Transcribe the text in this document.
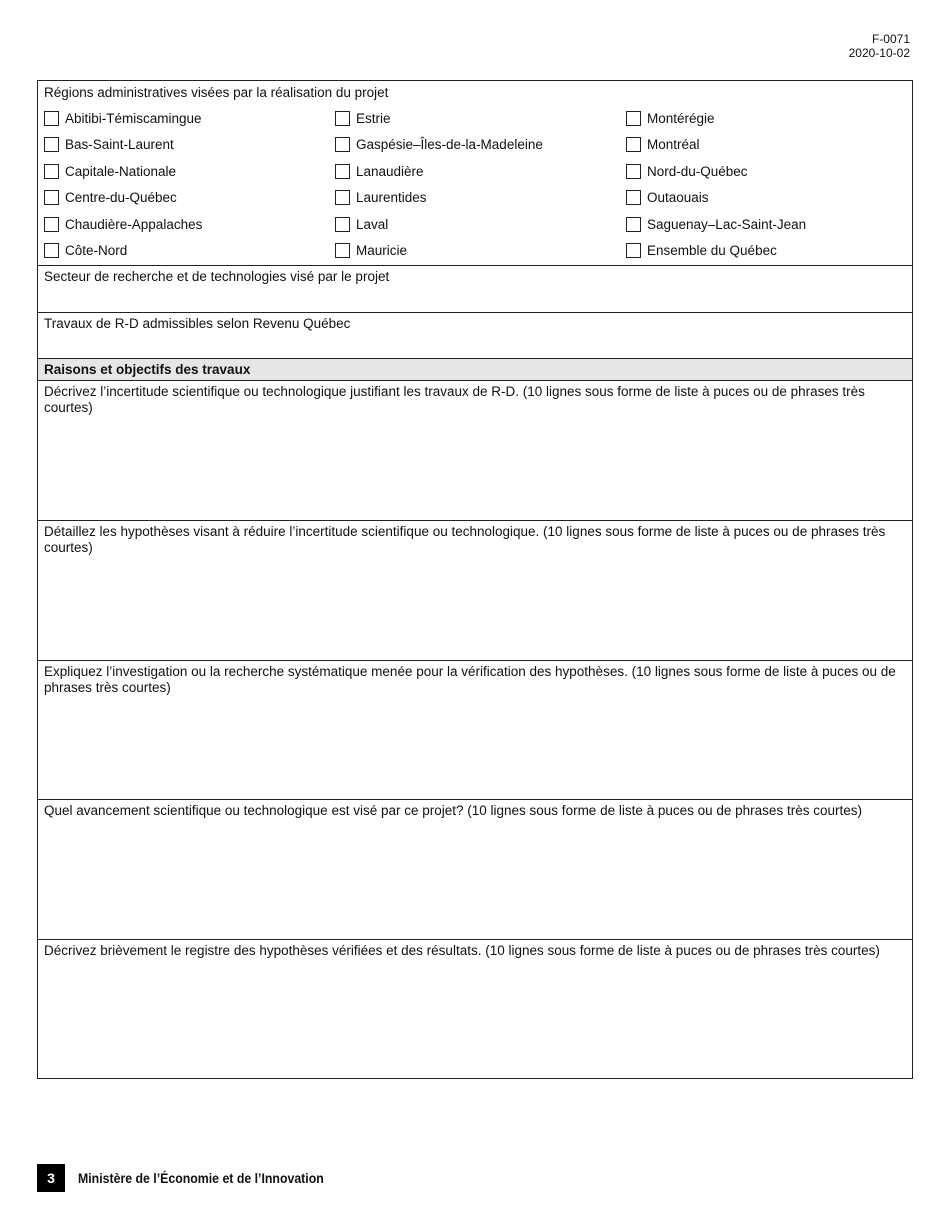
F-0071
2020-10-02
Régions administratives visées par la réalisation du projet
Abitibi-Témiscamingue
Bas-Saint-Laurent
Capitale-Nationale
Centre-du-Québec
Chaudière-Appalaches
Côte-Nord
Estrie
Gaspésie–Îles-de-la-Madeleine
Lanaudière
Laurentides
Laval
Mauricie
Montérégie
Montréal
Nord-du-Québec
Outaouais
Saguenay–Lac-Saint-Jean
Ensemble du Québec
Secteur de recherche et de technologies visé par le projet
Travaux de R-D admissibles selon Revenu Québec
Raisons et objectifs des travaux
Décrivez l’incertitude scientifique ou technologique justifiant les travaux de R-D. (10 lignes sous forme de liste à puces ou de phrases très courtes)
Détaillez les hypothèses visant à réduire l’incertitude scientifique ou technologique. (10 lignes sous forme de liste à puces ou de phrases très courtes)
Expliquez l’investigation ou la recherche systématique menée pour la vérification des hypothèses. (10 lignes sous forme de liste à puces ou de phrases très courtes)
Quel avancement scientifique ou technologique est visé par ce projet? (10 lignes sous forme de liste à puces ou de phrases très courtes)
Décrivez brièvement le registre des hypothèses vérifiées et des résultats. (10 lignes sous forme de liste à puces ou de phrases très courtes)
3	Ministère de l’Économie et de l’Innovation
